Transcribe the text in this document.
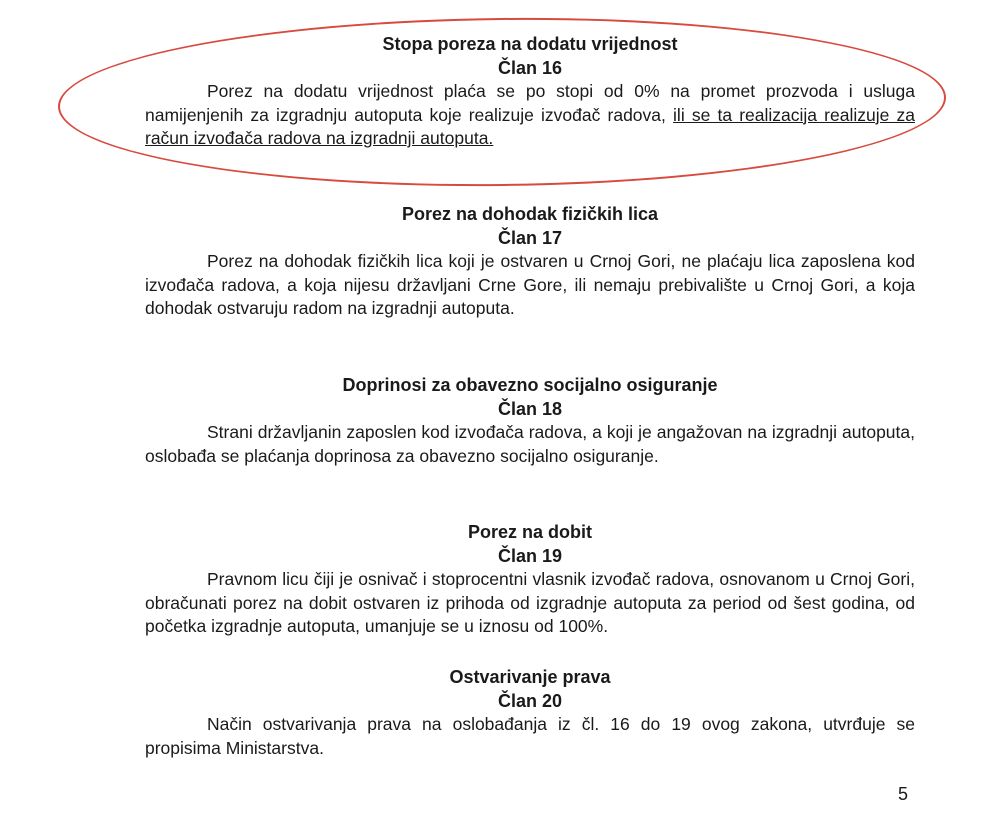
Stopa poreza na dodatu vrijednost
Član 16

Porez na dodatu vrijednost plaća se po stopi od 0% na promet prozvoda i usluga namijenjenih za izgradnju autoputa koje realizuje izvođač radova, ili se ta realizacija realizuje za račun izvođača radova na izgradnji autoputa.

Porez na dohodak fizičkih lica
Član 17

Porez na dohodak fizičkih lica koji je ostvaren u Crnoj Gori, ne plaćaju lica zaposlena kod izvođača radova, a koja nijesu državljani Crne Gore, ili nemaju prebivalište u Crnoj Gori, a koja dohodak ostvaruju radom na izgradnji autoputa.

Doprinosi za obavezno socijalno osiguranje
Član 18

Strani državljanin zaposlen kod izvođača radova, a koji je angažovan na izgradnji autoputa, oslobađa se plaćanja doprinosa za obavezno socijalno osiguranje.

Porez na dobit
Član 19

Pravnom licu čiji je osnivač i stoprocentni vlasnik izvođač radova, osnovanom u Crnoj Gori, obračunati porez na dobit ostvaren iz prihoda od izgradnje autoputa za period od šest godina, od početka izgradnje autoputa, umanjuje se u iznosu od 100%.

Ostvarivanje prava
Član 20

Način ostvarivanja prava na oslobađanja iz čl. 16 do 19 ovog zakona, utvrđuje se propisima Ministarstva.

5
